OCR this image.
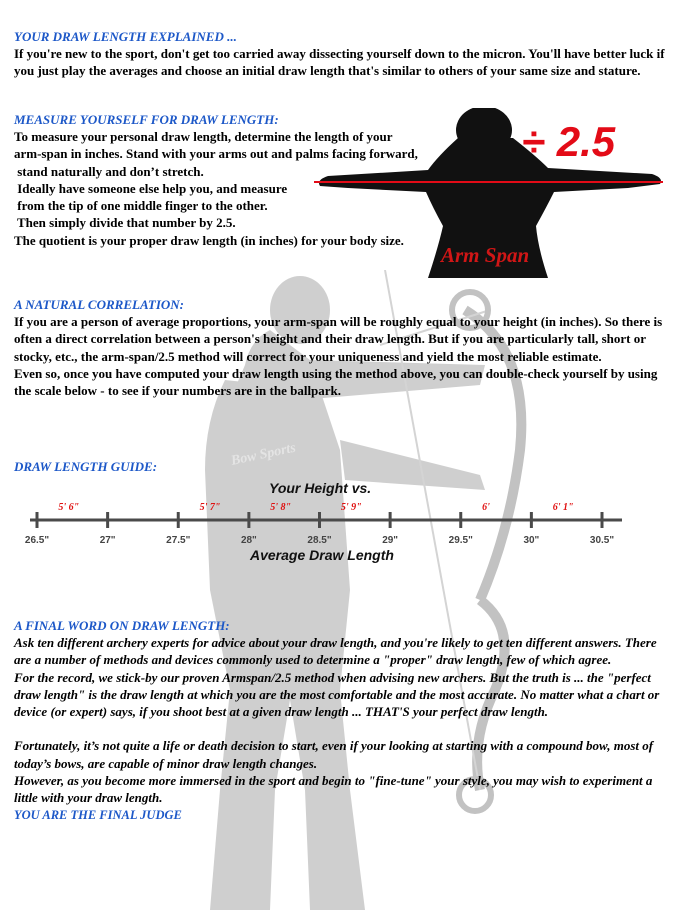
Bow Sports
YOUR DRAW LENGTH EXPLAINED ...

If you're new to the sport, don't get too carried away dissecting yourself down to the micron. You'll have better luck if you just play the averages and choose an initial draw length that's similar to others of your same size and stature.

MEASURE YOURSELF FOR DRAW LENGTH:

To measure your personal draw length, determine the length of your

arm-span in inches. Stand with your arms out and palms facing forward,

stand naturally and don’t stretch.

Ideally have someone else help you, and measure

from the tip of one middle finger to the other.

Then simply divide that number by 2.5.

The quotient is your proper draw length (in inches) for your body size.

÷ 2.5
Arm Span
A NATURAL CORRELATION:

If you are a person of average proportions, your arm-span will be roughly equal to your height (in inches). So there is often a direct correlation between a person's height and their draw length. But if you are particularly tall, short or stocky, etc., the arm-span/2.5 method will correct for your uniqueness and yield the most reliable estimate.

Even so, once you have computed your draw length using the method above, you can double-check yourself by using the scale below - to see if your numbers are in the ballpark.

DRAW LENGTH GUIDE:
Your Height vs.
26.5"	27"	27.5"	28"	28.5"	29"	29.5"	30"	30.5"
5' 6"	5' 7"	5' 8"	5' 9"	6'	6' 1"
Average Draw Length
A FINAL WORD ON DRAW LENGTH:

Ask ten different archery experts for advice about your draw length, and you're likely to get ten different answers. There are a number of methods and devices commonly used to determine a "proper" draw length, few of which agree.

For the record, we stick-by our proven Armspan/2.5 method when advising new archers. But the truth is ... the "perfect draw length" is the draw length at which you are the most comfortable and the most accurate. No matter what a chart or device (or expert) says, if you shoot best at a given draw length ... THAT'S your perfect draw length.

Fortunately, it’s not quite a life or death decision to start, even if your looking at starting with a compound bow, most of today’s bows, are capable of minor draw length changes.

However, as you become more immersed in the sport and begin to "fine-tune" your style, you may wish to experiment a little with your draw length.

YOU ARE THE FINAL JUDGE
